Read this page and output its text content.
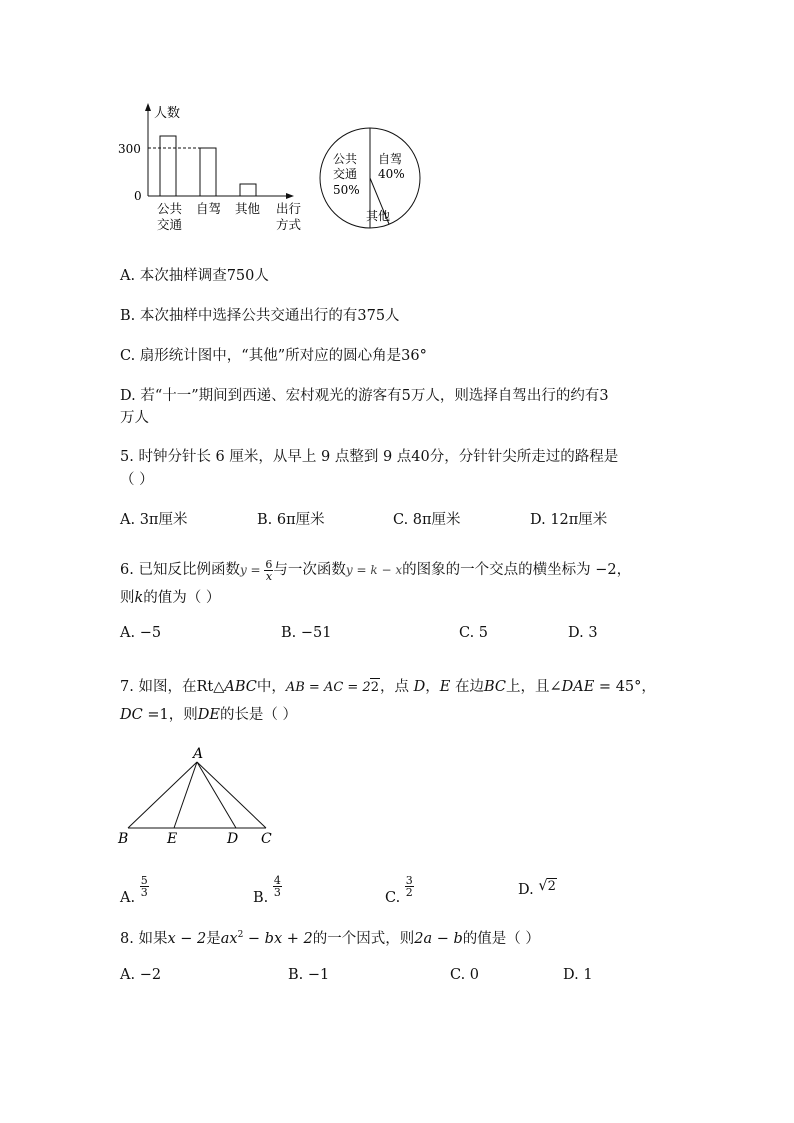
人数
300
0
公共
交通
自驾 其他 出行
方式
公共
交通
50%
自驾
40%
其他
A. 本次抽样调查750人
B. 本次抽样中选择公共交通出行的有375人
C. 扇形统计图中，“其他”所对应的圆心角是36°
D. 若“十一”期间到西递、宏村观光的游客有5万人，则选择自驾出行的约有3
万人
5. 时钟分针长 6 厘米，从早上 9 点整到 9 点40分，分针针尖所走过的路程是
（ ）
A. 3π厘米	B. 6π厘米	C. 8π厘米	D. 12π厘米
6. 已知反比例函数$y = \frac{6}{x}$ 与一次函数y = k − x的图象的一个交点的横坐标为 −2，
则k的值为（ ）
A. −5	B. −51	C. 5	D. 3
7. 如图，在Rt△ABC中，AB = AC = 22，点 D，E 在边BC上，且∠DAE = 45°，
DC =1，则DE的长是（ ）
A
B	E	D C
A. $\frac{5}{3}$	B. $\frac{4}{3}$	C. $\frac{3}{2}$	D. √2
8. 如果x − 2是$ax^2$ − bx + 2的一个因式，则2a − b的值是（ ）
A. −2	B. −1	C. 0	D. 1
